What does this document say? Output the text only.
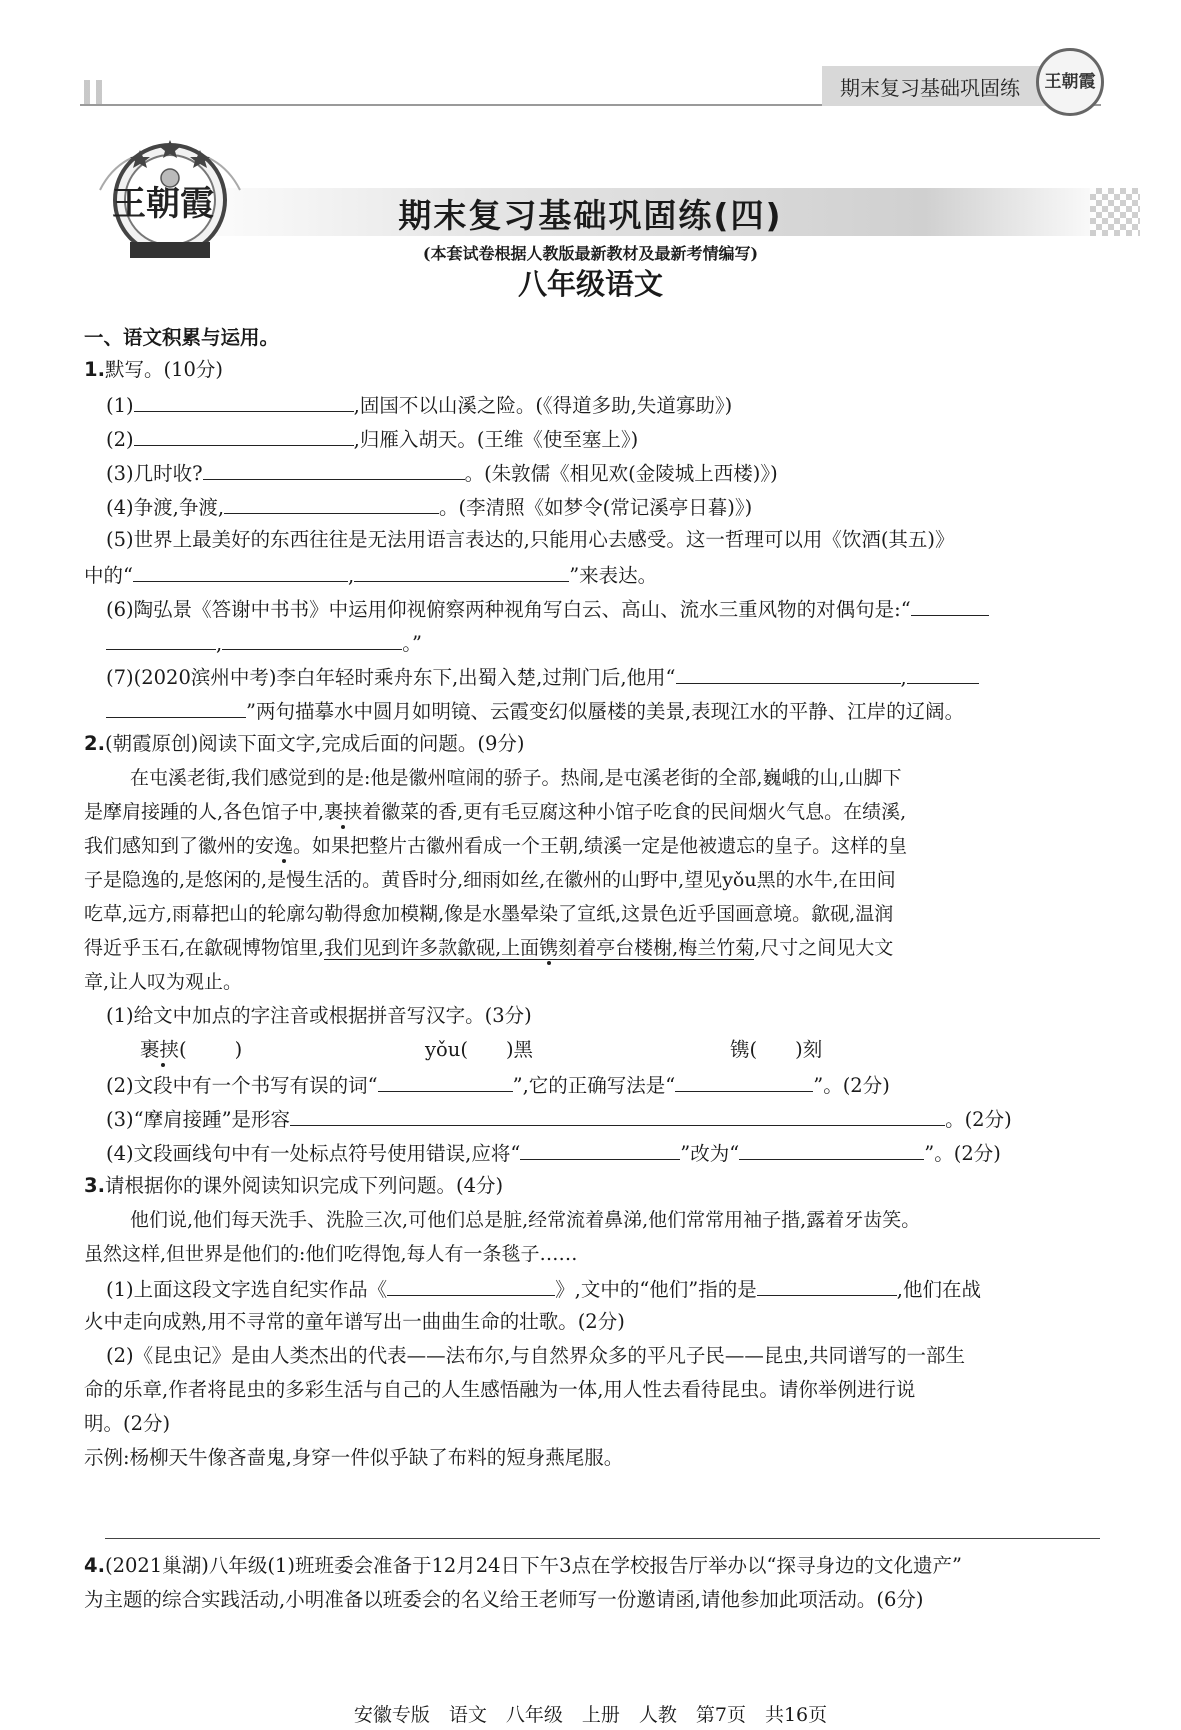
期末复习基础巩固练	王朝霞
王朝霞	期末复习基础巩固练(四)
(本套试卷根据人教版最新教材及最新考情编写)
八年级语文
一、语文积累与运用。
1.默写。(10分)
(1)	,固国不以山溪之险。(《得道多助,失道寡助》)
(2)	,归雁入胡天。(王维《使至塞上》)
(3)几时收?	。(朱敦儒《相见欢(金陵城上西楼)》)
(4)争渡,争渡,	。(李清照《如梦令(常记溪亭日暮)》)
(5)世界上最美好的东西往往是无法用语言表达的,只能用心去感受。这一哲理可以用《饮酒(其五)》
中的“	,	”来表达。
(6)陶弘景《答谢中书书》中运用仰视俯察两种视角写白云、高山、流水三重风物的对偶句是:“
,	。”
(7)(2020滨州中考)李白年轻时乘舟东下,出蜀入楚,过荆门后,他用“	,
”两句描摹水中圆月如明镜、云霞变幻似蜃楼的美景,表现江水的平静、江岸的辽阔。
2.(朝霞原创)阅读下面文字,完成后面的问题。(9分)
在屯溪老街,我们感觉到的是:他是徽州喧闹的骄子。热闹,是屯溪老街的全部,巍峨的山,山脚下
是摩肩接踵的人,各色馆子中,裹挟着徽菜的香,更有毛豆腐这种小馆子吃食的民间烟火气息。在绩溪,
我们感知到了徽州的安逸。如果把整片古徽州看成一个王朝,绩溪一定是他被遗忘的皇子。这样的皇
子是隐逸的,是悠闲的,是慢生活的。黄昏时分,细雨如丝,在徽州的山野中,望见yǒu黑的水牛,在田间
吃草,远方,雨幕把山的轮廓勾勒得愈加模糊,像是水墨晕染了宣纸,这景色近乎国画意境。歙砚,温润
得近乎玉石,在歙砚博物馆里,我们见到许多款歙砚,上面镌刻着亭台楼榭,梅兰竹菊,尺寸之间见大文
章,让人叹为观止。
(1)给文中加点的字注音或根据拼音写汉字。(3分)
裹挟( )	yǒu( )黑	镌( )刻
(2)文段中有一个书写有误的词“	”,它的正确写法是“	”。(2分)
(3)“摩肩接踵”是形容	。(2分)
(4)文段画线句中有一处标点符号使用错误,应将“	”改为“	”。(2分)
3.请根据你的课外阅读知识完成下列问题。(4分)
他们说,他们每天洗手、洗脸三次,可他们总是脏,经常流着鼻涕,他们常常用袖子揩,露着牙齿笑。
虽然这样,但世界是他们的:他们吃得饱,每人有一条毯子……
(1)上面这段文字选自纪实作品《	》,文中的“他们”指的是	,他们在战
火中走向成熟,用不寻常的童年谱写出一曲曲生命的壮歌。(2分)
(2)《昆虫记》是由人类杰出的代表——法布尔,与自然界众多的平凡子民——昆虫,共同谱写的一部生
命的乐章,作者将昆虫的多彩生活与自己的人生感悟融为一体,用人性去看待昆虫。请你举例进行说
明。(2分)
示例:杨柳天牛像吝啬鬼,身穿一件似乎缺了布料的短身燕尾服。
4.(2021巢湖)八年级(1)班班委会准备于12月24日下午3点在学校报告厅举办以“探寻身边的文化遗产”
为主题的综合实践活动,小明准备以班委会的名义给王老师写一份邀请函,请他参加此项活动。(6分)
安徽专版　语文　八年级　上册　人教　第7页　共16页
